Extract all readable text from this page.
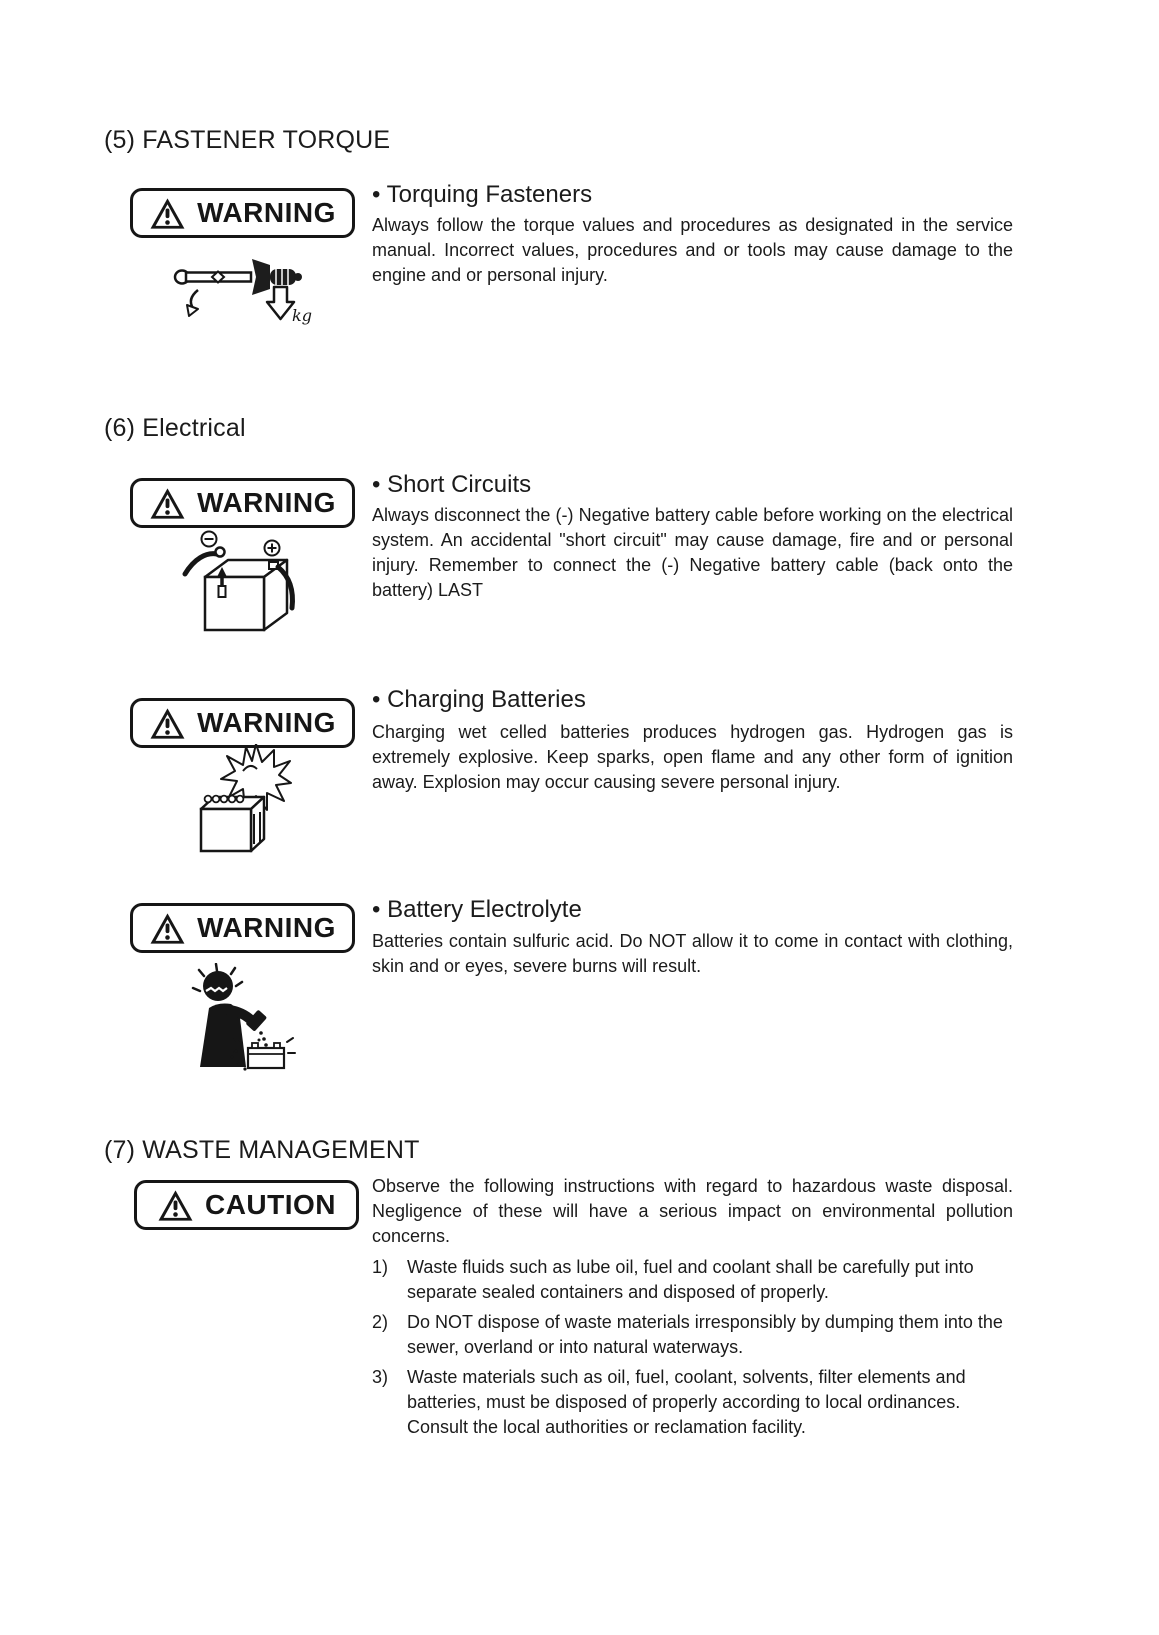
(5) FASTENER TORQUE
WARNING
kg

• Torquing Fasteners

Always follow the torque values and procedures as designated in the service manual. Incorrect values, procedures and or tools may cause damage to the engine and or personal injury.

(6) Electrical
WARNING

• Short Circuits

Always disconnect the (-) Negative battery cable before working on the electrical system. An accidental "short circuit" may cause damage, fire and or personal injury. Remember to connect the (-) Negative battery cable (back onto the battery) LAST

WARNING

• Charging Batteries

Charging wet celled batteries produces hydrogen gas. Hydrogen gas is extremely explosive. Keep sparks, open flame and any other form of ignition away. Explosion may occur causing severe personal injury.

WARNING

• Battery Electrolyte

Batteries contain sulfuric acid. Do NOT allow it to come in contact with clothing, skin and or eyes, severe burns will result.

(7) WASTE MANAGEMENT
CAUTION

Observe the following instructions with regard to hazardous waste disposal. Negligence of these will have a serious impact on environmental pollution concerns.

1)	Waste fluids such as lube oil, fuel and coolant shall be carefully put into separate sealed containers and disposed of properly.
2)	Do NOT dispose of waste materials irresponsibly by dumping them into the sewer, overland or into natural waterways.
3)	Waste materials such as oil, fuel, coolant, solvents, filter elements and batteries, must be disposed of properly according to local ordinances. Consult the local authorities or reclamation facility.
